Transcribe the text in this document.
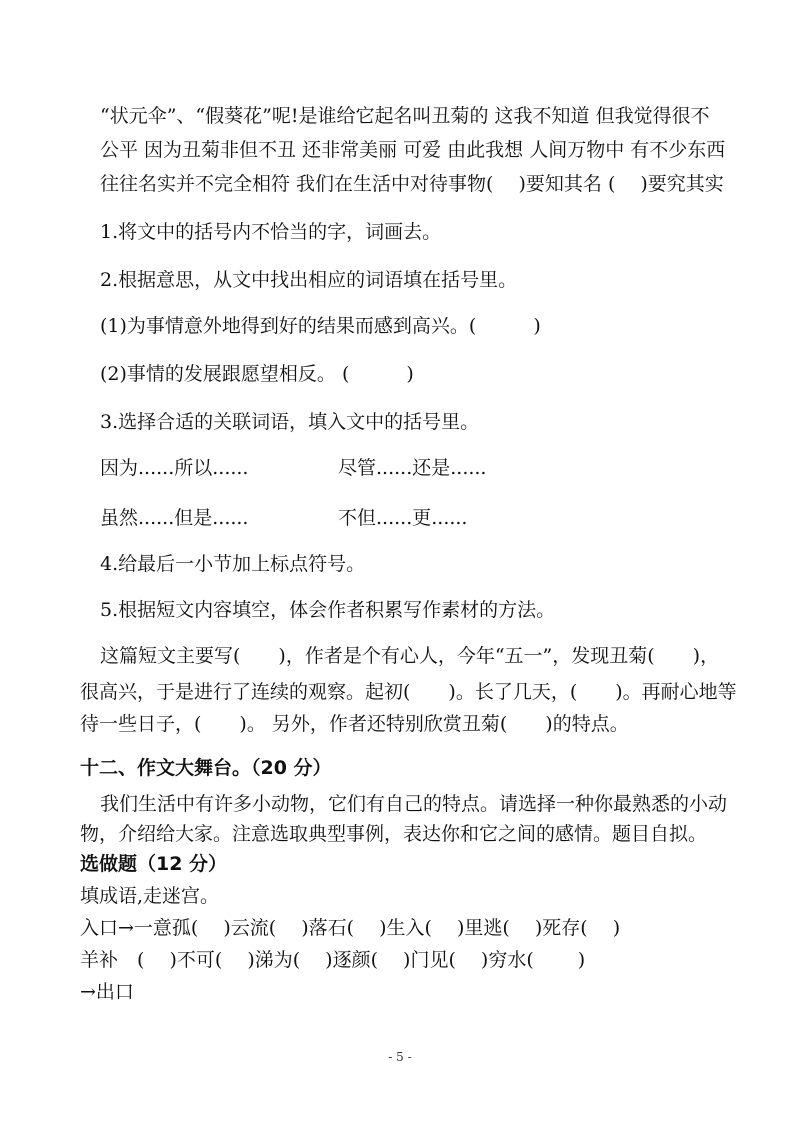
“状元伞”、“假葵花”呢!是谁给它起名叫丑菊的 这我不知道 但我觉得很不
公平 因为丑菊非但不丑 还非常美丽 可爱 由此我想 人间万物中 有不少东西
往往名实并不完全相符 我们在生活中对待事物(　 )要知其名 (　 )要究其实
1.将文中的括号内不恰当的字，词画去。
2.根据意思，从文中找出相应的词语填在括号里。
(1)为事情意外地得到好的结果而感到高兴。(　　　)
(2)事情的发展跟愿望相反。 (　　　)
3.选择合适的关联词语，填入文中的括号里。
因为......所以......	尽管......还是......
虽然......但是......	不但......更......
4.给最后一小节加上标点符号。
5.根据短文内容填空，体会作者积累写作素材的方法。
这篇短文主要写(　　)，作者是个有心人，今年“五一”，发现丑菊(　　)，
很高兴，于是进行了连续的观察。起初(　　)。长了几天，(　　)。再耐心地等
待一些日子，(　　)。 另外，作者还特别欣赏丑菊(　　)的特点。
十二、作文大舞台。（20 分）
我们生活中有许多小动物，它们有自己的特点。请选择一种你最熟悉的小动
物，介绍给大家。注意选取典型事例，表达你和它之间的感情。题目自拟。
选做题（12 分）
填成语,走迷宫。
入口→一意孤(　 )云流(　 )落石(　 )生入(　 )里逃(　 )死存(　 )
羊补　(　 )不可(　 )涕为(　 )逐颜(　 )门见(　 )穷水(　　 )
→出口
- 5 -
